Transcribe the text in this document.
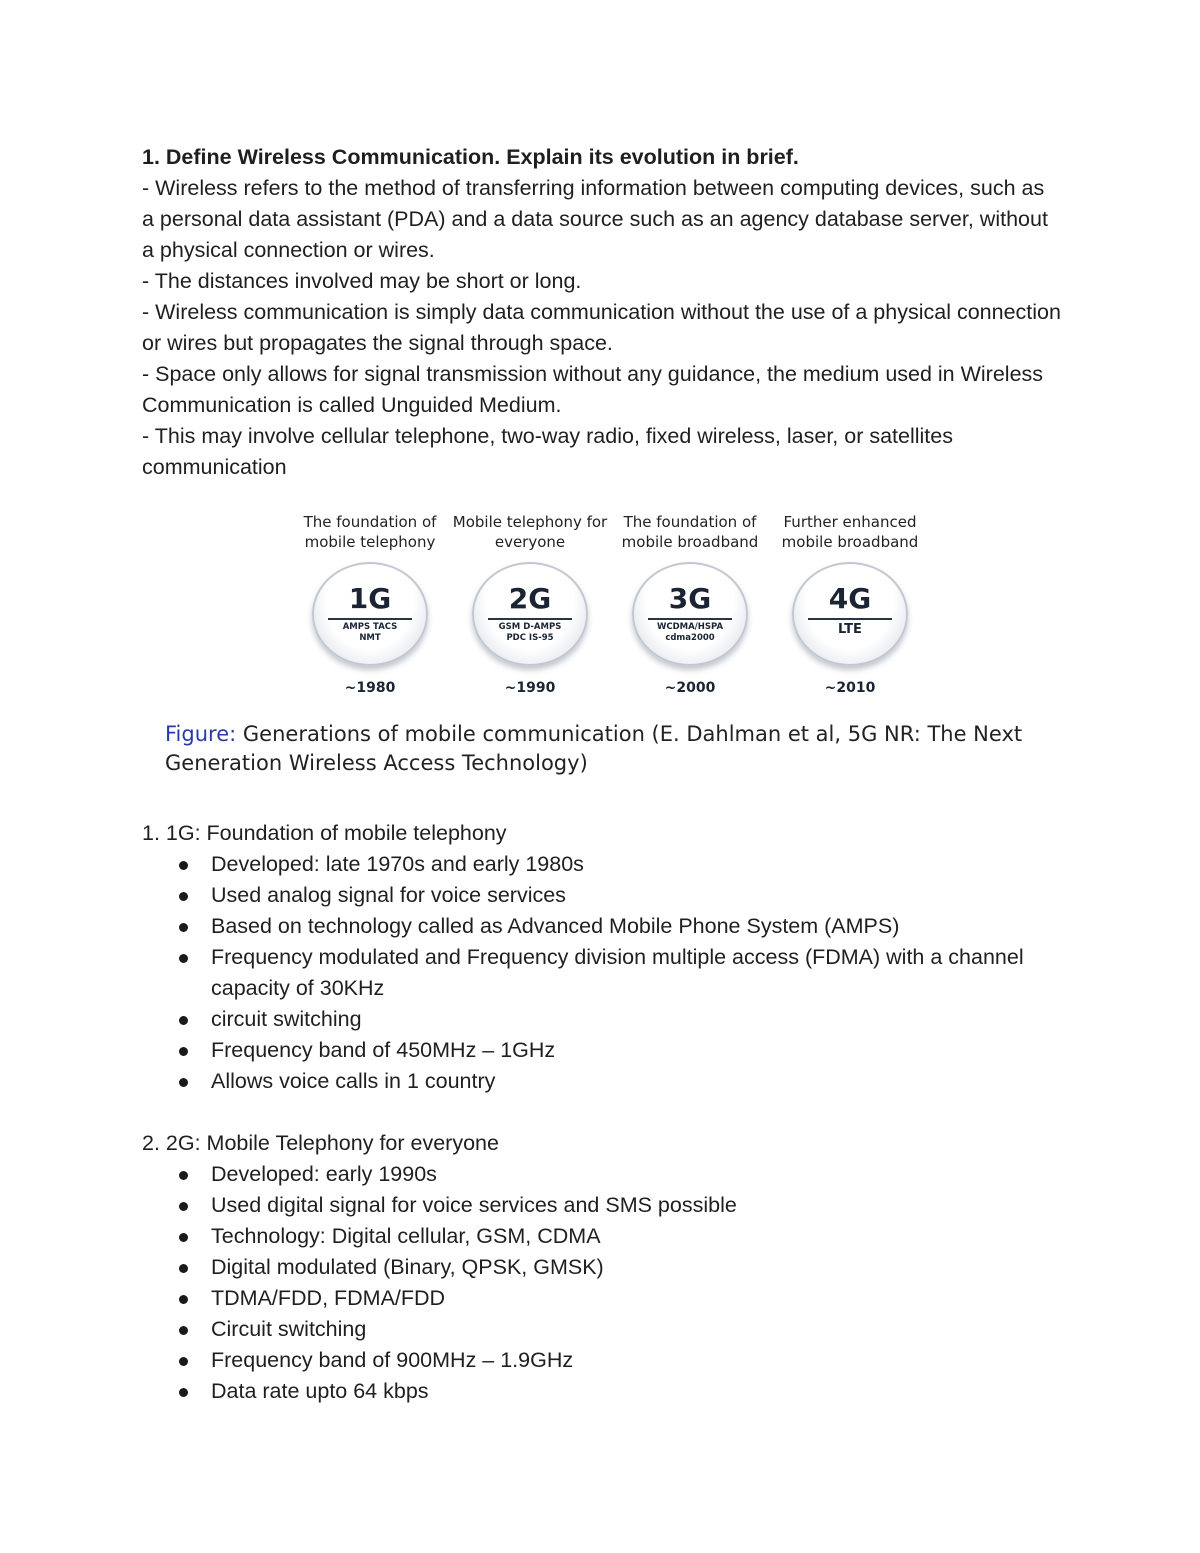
1. Define Wireless Communication. Explain its evolution in brief.

- Wireless refers to the method of transferring information between computing devices, such as a personal data assistant (PDA) and a data source such as an agency database server, without a physical connection or wires.

- The distances involved may be short or long.

- Wireless communication is simply data communication without the use of a physical connection or wires but propagates the signal through space.

- Space only allows for signal transmission without any guidance, the medium used in Wireless Communication is called Unguided Medium.

- This may involve cellular telephone, two-way radio, fixed wireless, laser, or satellites communication

The foundation of mobile telephony
1G
AMPS TACS
NMT
~1980
Mobile telephony for everyone
2G
GSM D-AMPS
PDC IS-95
~1990
The foundation of mobile broadband
3G
WCDMA/HSPA
cdma2000
~2000
Further enhanced mobile broadband
4G
LTE
~2010
Figure: Generations of mobile communication (E. Dahlman et al, 5G NR: The Next Generation Wireless Access Technology)

1. 1G: Foundation of mobile telephony

Developed: late 1970s and early 1980s
Used analog signal for voice services
Based on technology called as Advanced Mobile Phone System (AMPS)
Frequency modulated and Frequency division multiple access (FDMA) with a channel capacity of 30KHz
circuit switching
Frequency band of 450MHz – 1GHz
Allows voice calls in 1 country

2. 2G: Mobile Telephony for everyone

Developed: early 1990s
Used digital signal for voice services and SMS possible
Technology: Digital cellular, GSM, CDMA
Digital modulated (Binary, QPSK, GMSK)
TDMA/FDD, FDMA/FDD
Circuit switching
Frequency band of 900MHz – 1.9GHz
Data rate upto 64 kbps
